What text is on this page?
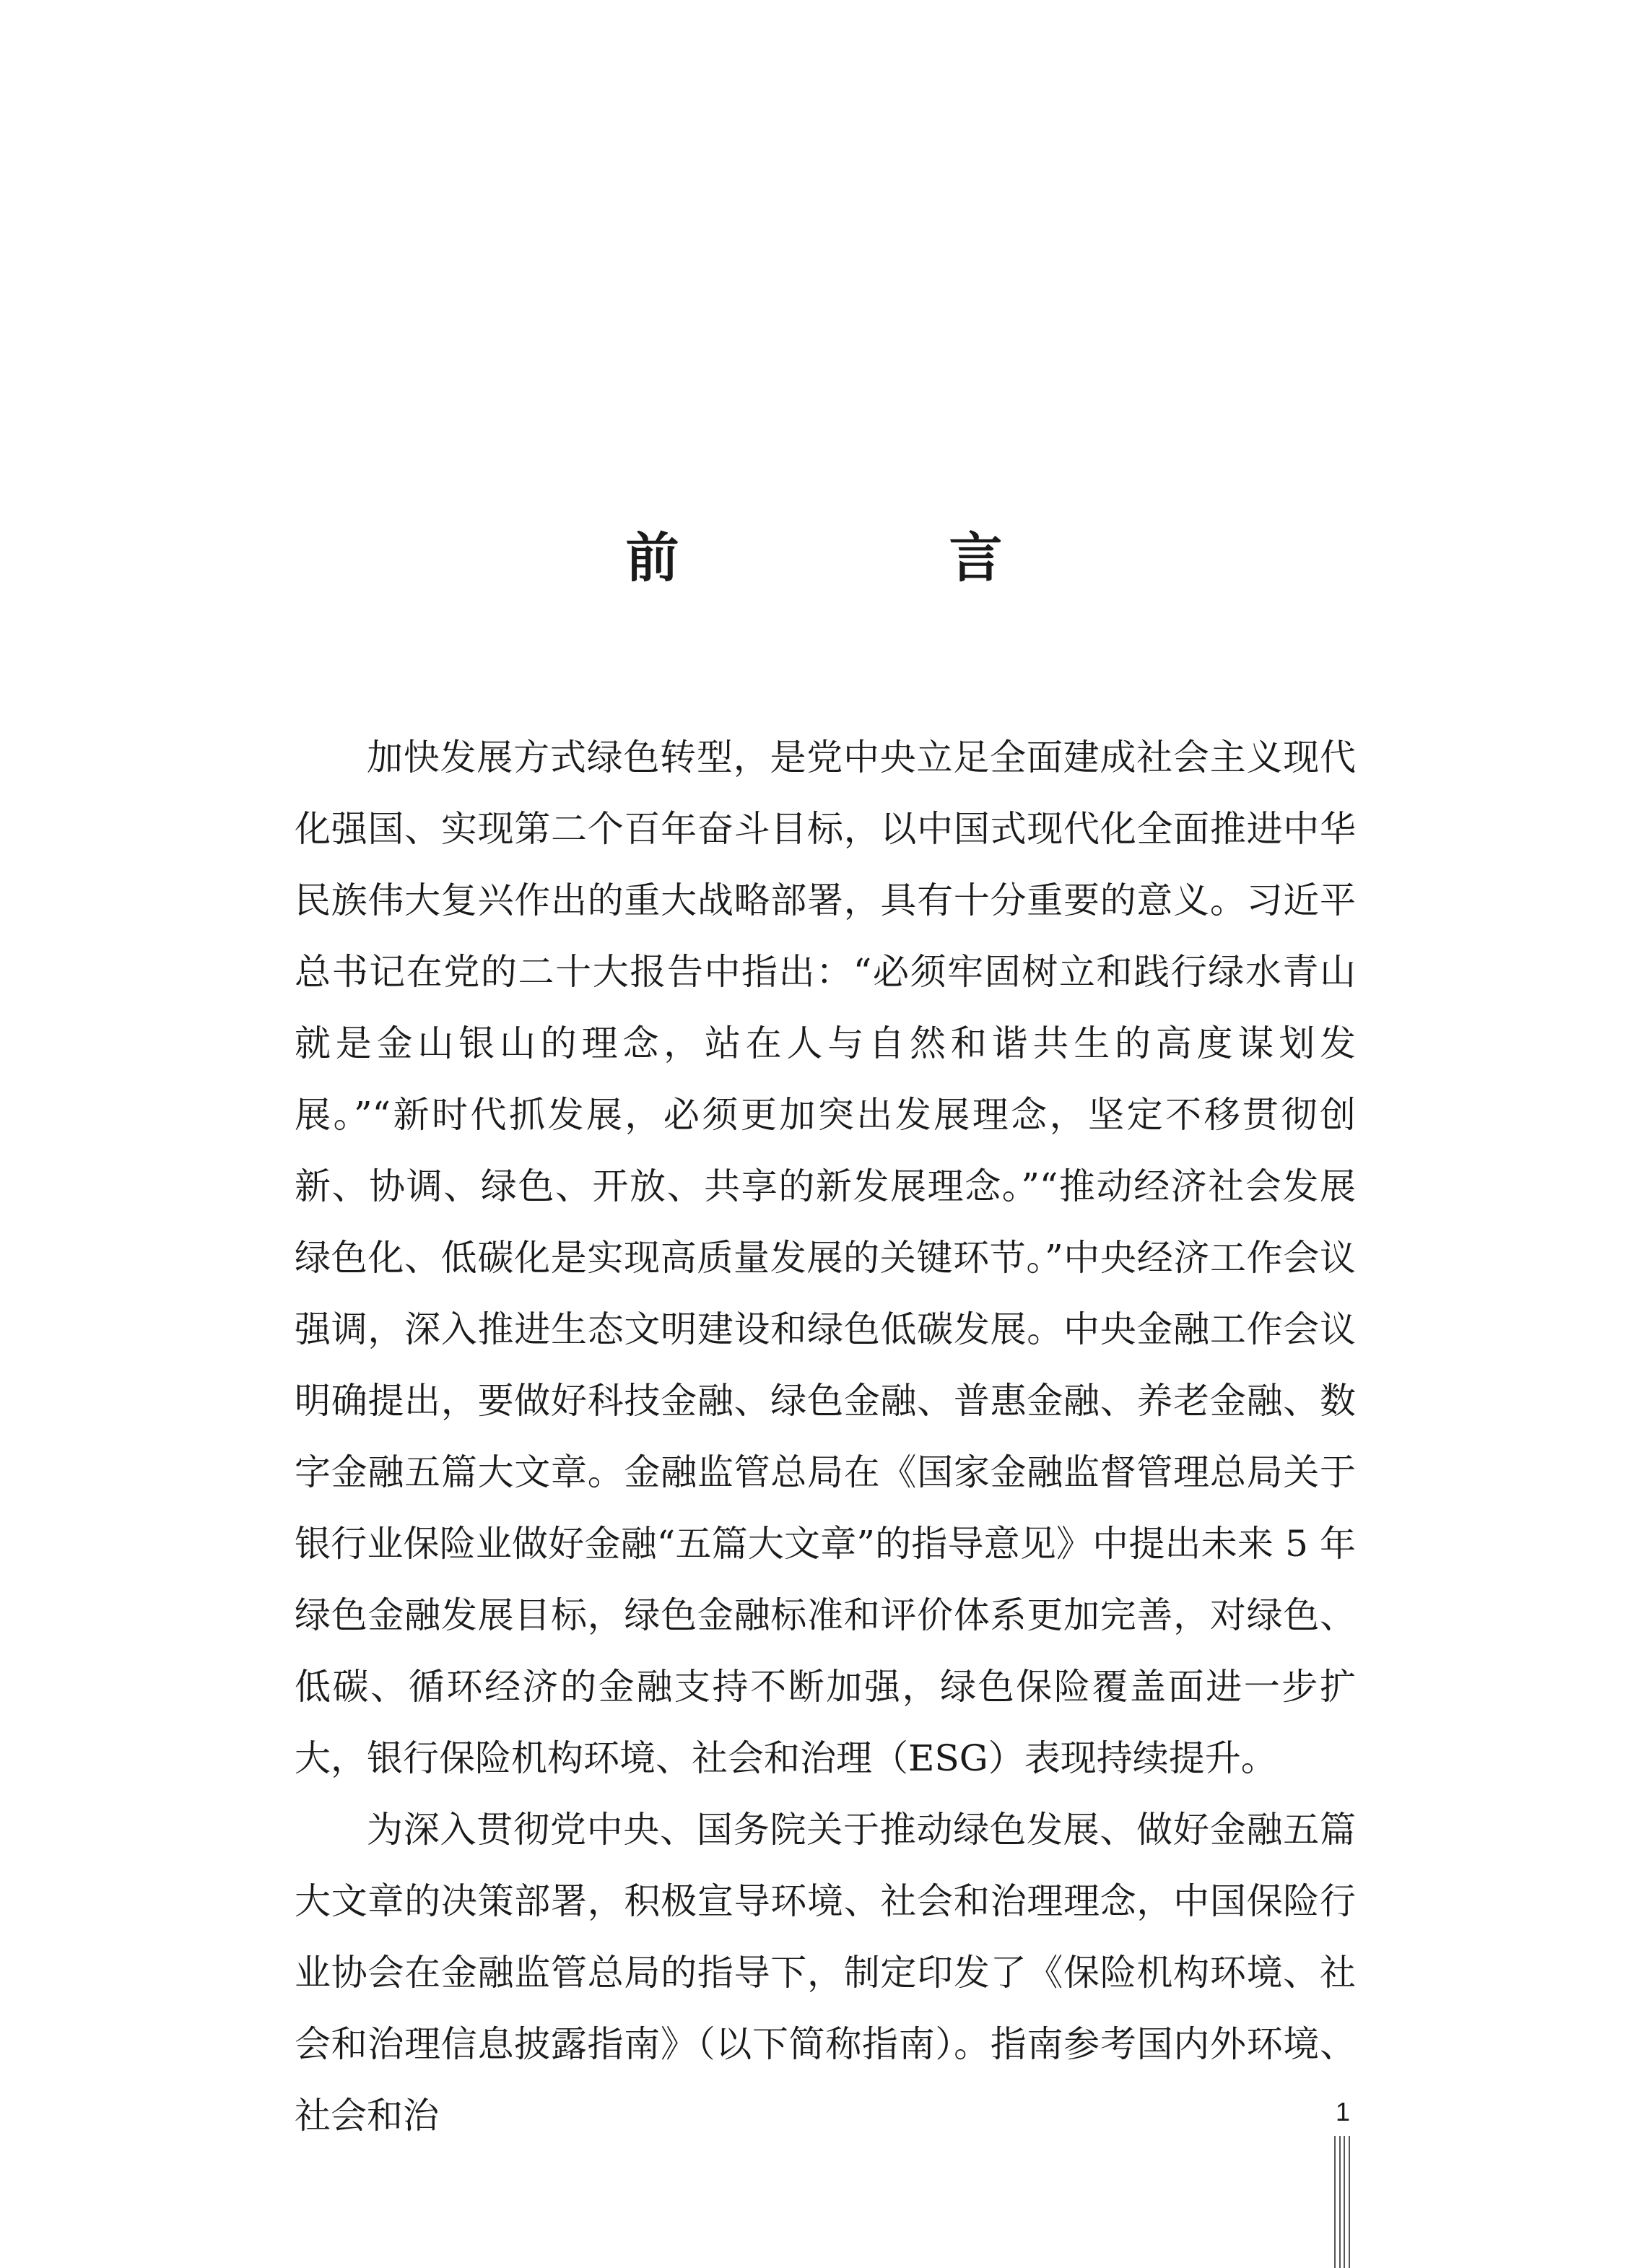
前　言

加快发展方式绿色转型，是党中央立足全面建成社会主义现代化强国、实现第二个百年奋斗目标，以中国式现代化全面推进中华民族伟大复兴作出的重大战略部署，具有十分重要的意义。习近平总书记在党的二十大报告中指出：“必须牢固树立和践行绿水青山就是金山银山的理念，站在人与自然和谐共生的高度谋划发展。”“新时代抓发展，必须更加突出发展理念，坚定不移贯彻创新、协调、绿色、开放、共享的新发展理念。”“推动经济社会发展绿色化、低碳化是实现高质量发展的关键环节。”中央经济工作会议强调，深入推进生态文明建设和绿色低碳发展。中央金融工作会议明确提出，要做好科技金融、绿色金融、普惠金融、养老金融、数字金融五篇大文章。金融监管总局在《国家金融监督管理总局关于银行业保险业做好金融“五篇大文章”的指导意见》中提出未来 5 年绿色金融发展目标，绿色金融标准和评价体系更加完善，对绿色、低碳、循环经济的金融支持不断加强，绿色保险覆盖面进一步扩大，银行保险机构环境、社会和治理（ESG）表现持续提升。

为深入贯彻党中央、国务院关于推动绿色发展、做好金融五篇大文章的决策部署，积极宣导环境、社会和治理理念，中国保险行业协会在金融监管总局的指导下，制定印发了《保险机构环境、社会和治理信息披露指南》（以下简称指南）。指南参考国内外环境、社会和治	1
